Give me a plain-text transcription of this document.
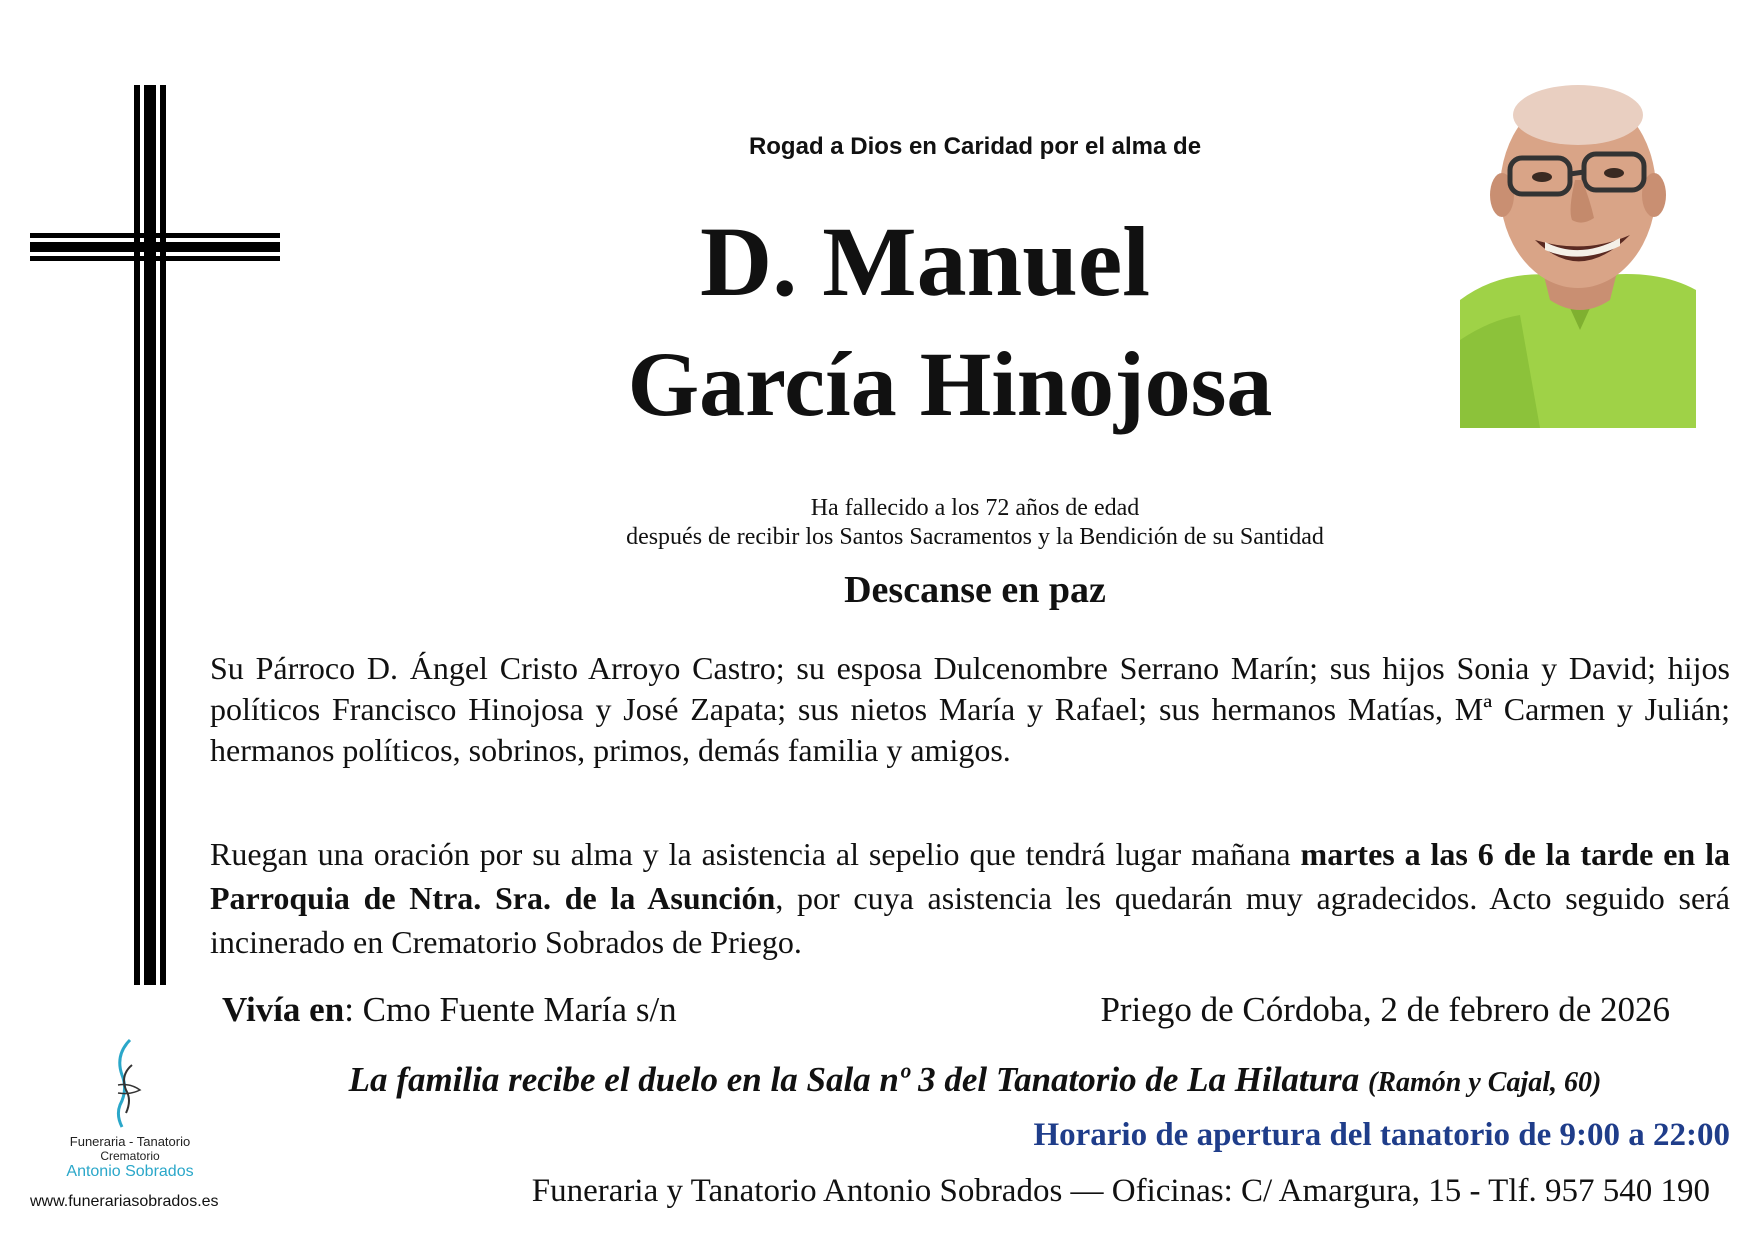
Rogad a Dios en Caridad por el alma de
D. Manuel
García Hinojosa
Ha fallecido a los 72 años de edad
después de recibir los Santos Sacramentos y la Bendición de su Santidad
Descanse en paz
Su Párroco D. Ángel Cristo Arroyo Castro; su esposa Dulcenombre Serrano Marín; sus hijos Sonia y David; hijos políticos Francisco Hinojosa y José Zapata; sus nietos María y Rafael; sus hermanos Matías, Mª Carmen y Julián; hermanos políticos, sobrinos, primos, demás familia y amigos.
Ruegan una oración por su alma y la asistencia al sepelio que tendrá lugar mañana martes a las 6 de la tarde en la Parroquia de Ntra. Sra. de la Asunción, por cuya asistencia les quedarán muy agradecidos. Acto seguido será incinerado en Crematorio Sobrados de Priego.
Vivía en: Cmo Fuente María s/n	Priego de Córdoba, 2 de febrero de 2026
La familia recibe el duelo en la Sala nº 3 del Tanatorio de La Hilatura (Ramón y Cajal, 60)
Horario de apertura del tanatorio de 9:00 a 22:00
Funeraria y Tanatorio Antonio Sobrados — Oficinas: C/ Amargura, 15 - Tlf. 957 540 190
Funeraria - Tanatorio
Crematorio
Antonio Sobrados
www.funerariasobrados.es
